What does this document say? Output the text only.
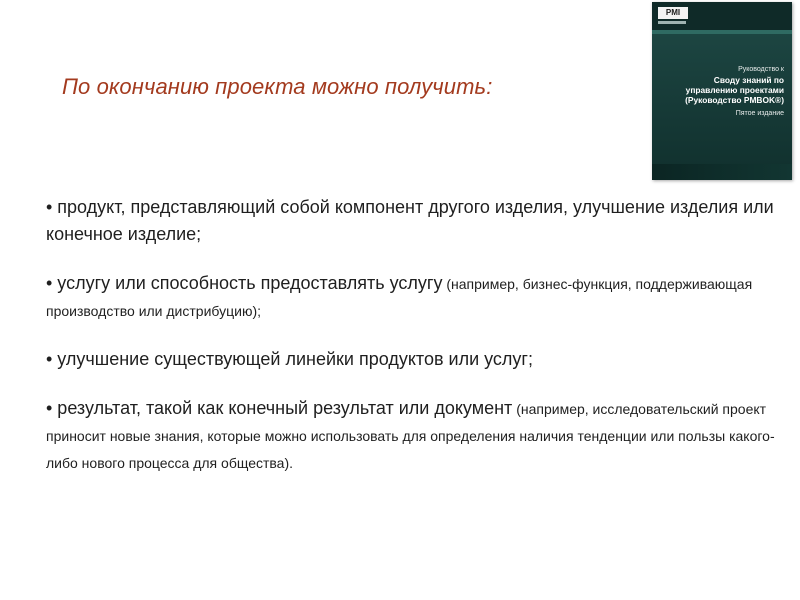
По окончанию проекта можно получить:
PMI
Руководство к
Своду знаний по
управлению проектами
(Руководство PMBOK®)
Пятое издание

• продукт, представляющий собой компонент другого изделия, улучшение изделия или конечное изделие;

• услугу или способность предоставлять услугу (например, бизнес-функция, поддерживающая производство или дистрибуцию);

• улучшение существующей линейки продуктов или услуг;

• результат, такой как конечный результат или документ (например, исследовательский проект приносит новые знания, которые можно использовать для определения наличия тенденции или пользы какого-либо нового процесса для общества).
